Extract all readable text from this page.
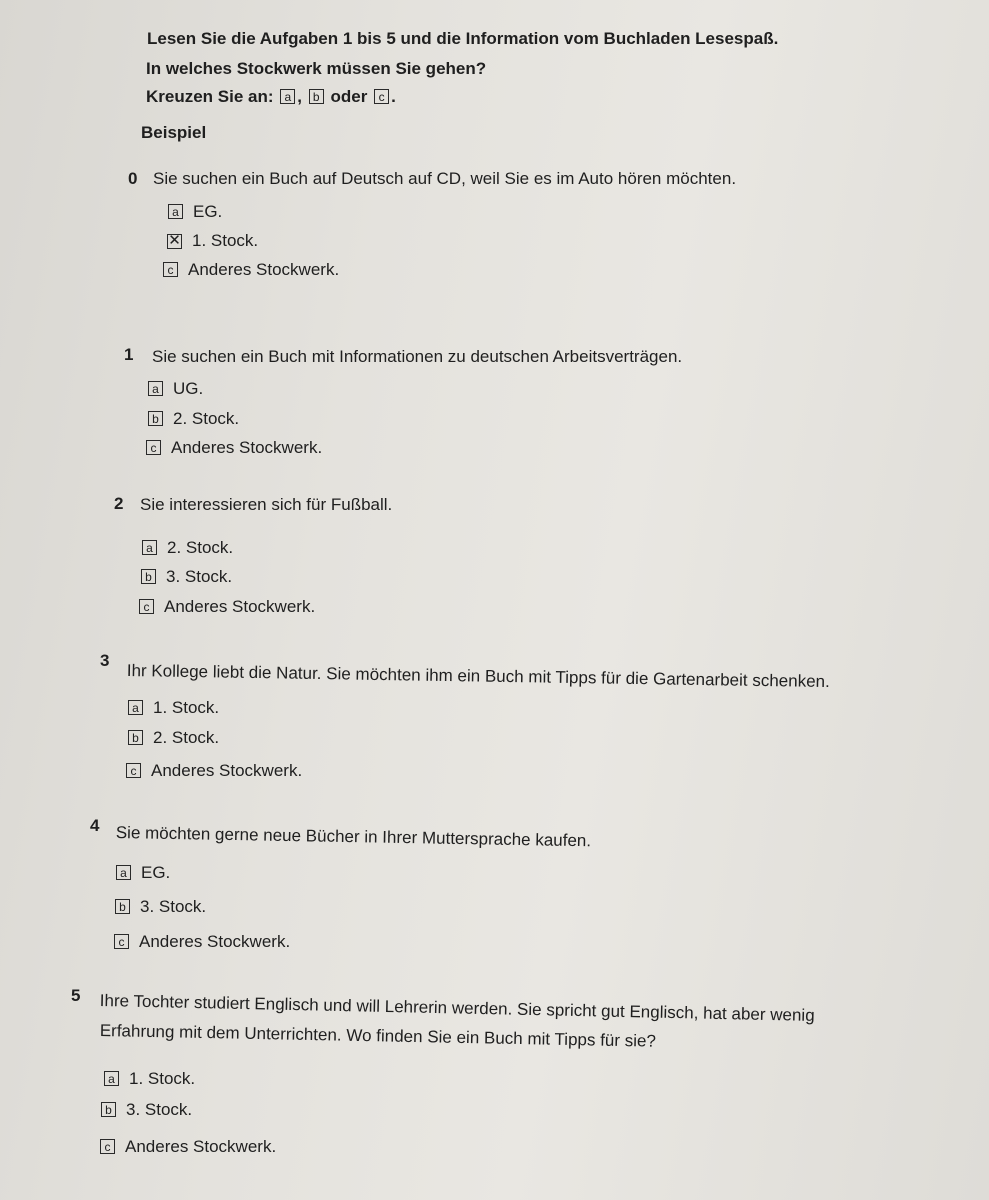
Lesen Sie die Aufgaben 1 bis 5 und die Information vom Buchladen Lesespaß.
In welches Stockwerk müssen Sie gehen?
Kreuzen Sie an: a , b oder c .
Beispiel
0 Sie suchen ein Buch auf Deutsch auf CD, weil Sie es im Auto hören möchten.
a EG.
✕ 1. Stock.
c Anderes Stockwerk.
1 Sie suchen ein Buch mit Informationen zu deutschen Arbeitsverträgen.
a UG.
b 2. Stock.
c Anderes Stockwerk.
2 Sie interessieren sich für Fußball.
a 2. Stock.
b 3. Stock.
c Anderes Stockwerk.
3
Ihr Kollege liebt die Natur. Sie möchten ihm ein Buch mit Tipps für die Gartenarbeit schenken.
a 1. Stock.
b 2. Stock.
c Anderes Stockwerk.
4 Sie möchten gerne neue Bücher in Ihrer Muttersprache kaufen.
a EG.
b 3. Stock.
c Anderes Stockwerk.
5 Ihre Tochter studiert Englisch und will Lehrerin werden. Sie spricht gut Englisch, hat aber wenig
Erfahrung mit dem Unterrichten. Wo finden Sie ein Buch mit Tipps für sie?
a 1. Stock.
b 3. Stock.
c Anderes Stockwerk.
